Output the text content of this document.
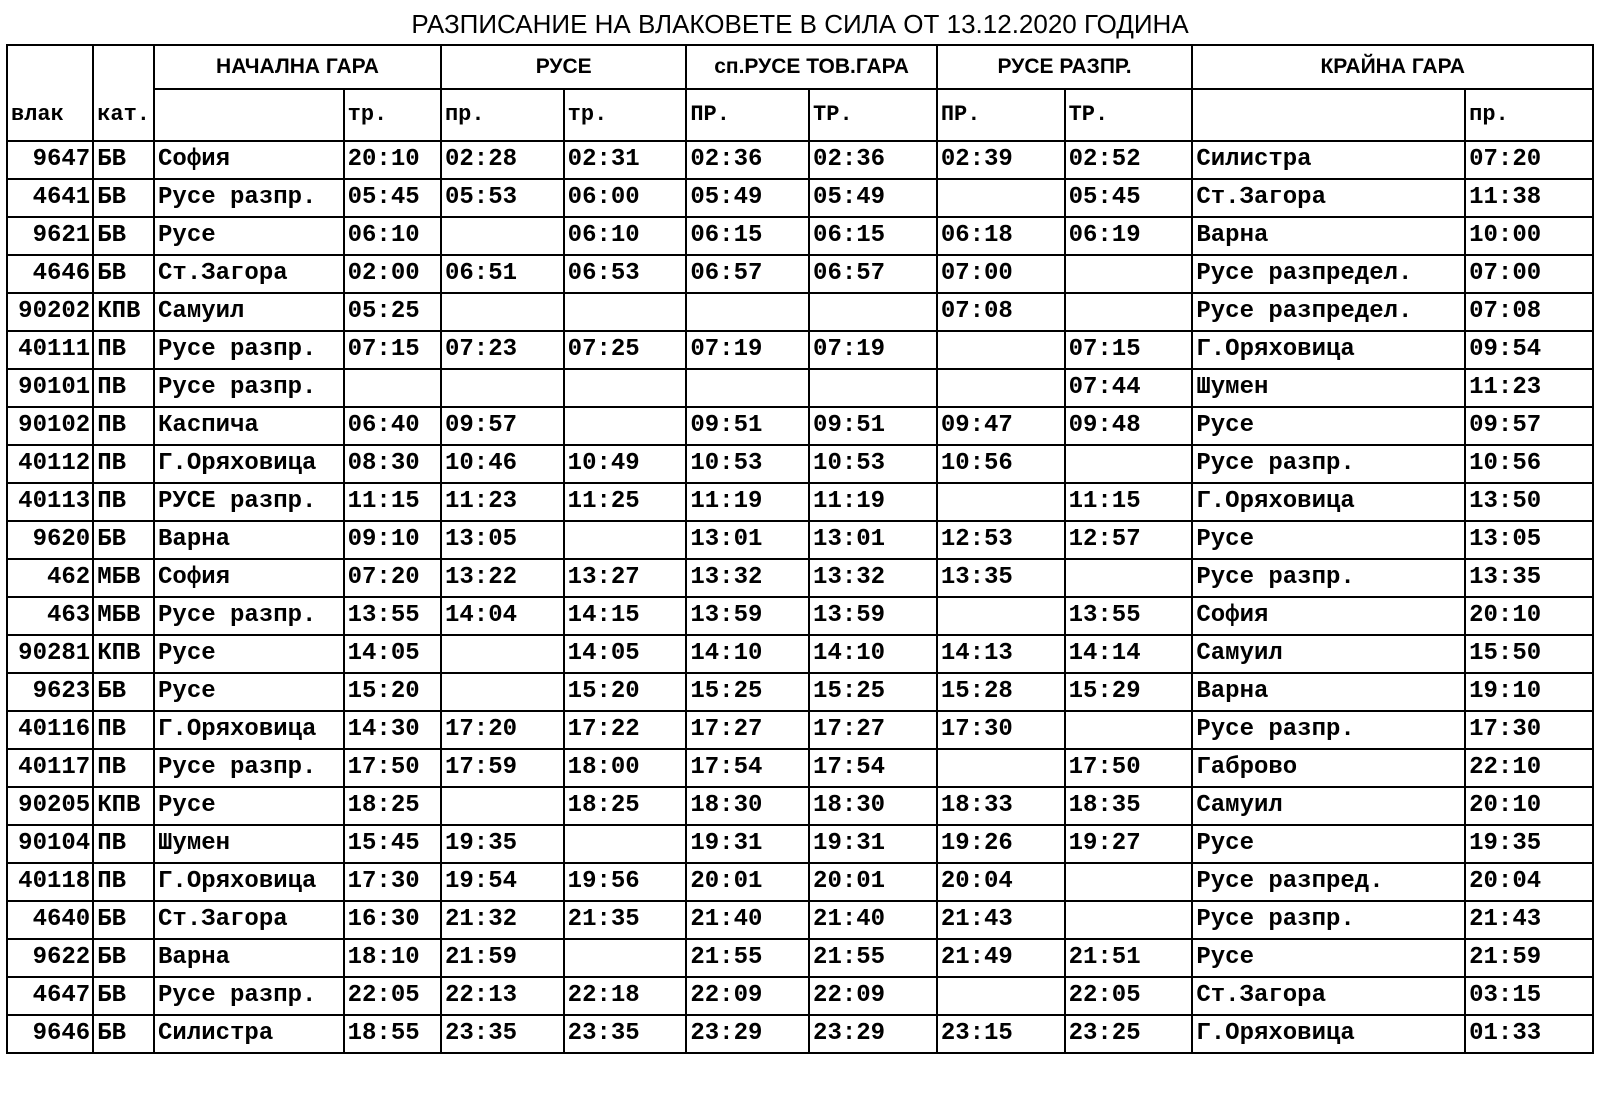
РАЗПИСАНИЕ НА ВЛАКОВЕТЕ В СИЛА ОТ 13.12.2020 ГОДИНА
		НАЧАЛНА ГАРА		РУСЕ		сп.РУСЕ ТОВ.ГАРА		РУСЕ РАЗПР.		КРАЙНА ГАРА	
влак	кат.		тр.	пр.	тр.	ПР.	ТР.	ПР.	ТР.		пр.
9647	БВ	София	20:10	02:28	02:31	02:36	02:36	02:39	02:52	Силистра	07:20
4641	БВ	Русе разпр.	05:45	05:53	06:00	05:49	05:49		05:45	Ст.Загора	11:38
9621	БВ	Русе	06:10		06:10	06:15	06:15	06:18	06:19	Варна	10:00
4646	БВ	Ст.Загора	02:00	06:51	06:53	06:57	06:57	07:00		Русе разпредел.	07:00
90202	КПВ	Самуил	05:25					07:08		Русе разпредел.	07:08
40111	ПВ	Русе разпр.	07:15	07:23	07:25	07:19	07:19		07:15	Г.Оряховица	09:54
90101	ПВ	Русе разпр.							07:44	Шумен	11:23
90102	ПВ	Каспича	06:40	09:57		09:51	09:51	09:47	09:48	Русе	09:57
40112	ПВ	Г.Оряховица	08:30	10:46	10:49	10:53	10:53	10:56		Русе разпр.	10:56
40113	ПВ	РУСЕ разпр.	11:15	11:23	11:25	11:19	11:19		11:15	Г.Оряховица	13:50
9620	БВ	Варна	09:10	13:05		13:01	13:01	12:53	12:57	Русе	13:05
462	МБВ	София	07:20	13:22	13:27	13:32	13:32	13:35		Русе разпр.	13:35
463	МБВ	Русе разпр.	13:55	14:04	14:15	13:59	13:59		13:55	София	20:10
90281	КПВ	Русе	14:05		14:05	14:10	14:10	14:13	14:14	Самуил	15:50
9623	БВ	Русе	15:20		15:20	15:25	15:25	15:28	15:29	Варна	19:10
40116	ПВ	Г.Оряховица	14:30	17:20	17:22	17:27	17:27	17:30		Русе разпр.	17:30
40117	ПВ	Русе разпр.	17:50	17:59	18:00	17:54	17:54		17:50	Габрово	22:10
90205	КПВ	Русе	18:25		18:25	18:30	18:30	18:33	18:35	Самуил	20:10
90104	ПВ	Шумен	15:45	19:35		19:31	19:31	19:26	19:27	Русе	19:35
40118	ПВ	Г.Оряховица	17:30	19:54	19:56	20:01	20:01	20:04		Русе разпред.	20:04
4640	БВ	Ст.Загора	16:30	21:32	21:35	21:40	21:40	21:43		Русе разпр.	21:43
9622	БВ	Варна	18:10	21:59		21:55	21:55	21:49	21:51	Русе	21:59
4647	БВ	Русе разпр.	22:05	22:13	22:18	22:09	22:09		22:05	Ст.Загора	03:15
9646	БВ	Силистра	18:55	23:35	23:35	23:29	23:29	23:15	23:25	Г.Оряховица	01:33
